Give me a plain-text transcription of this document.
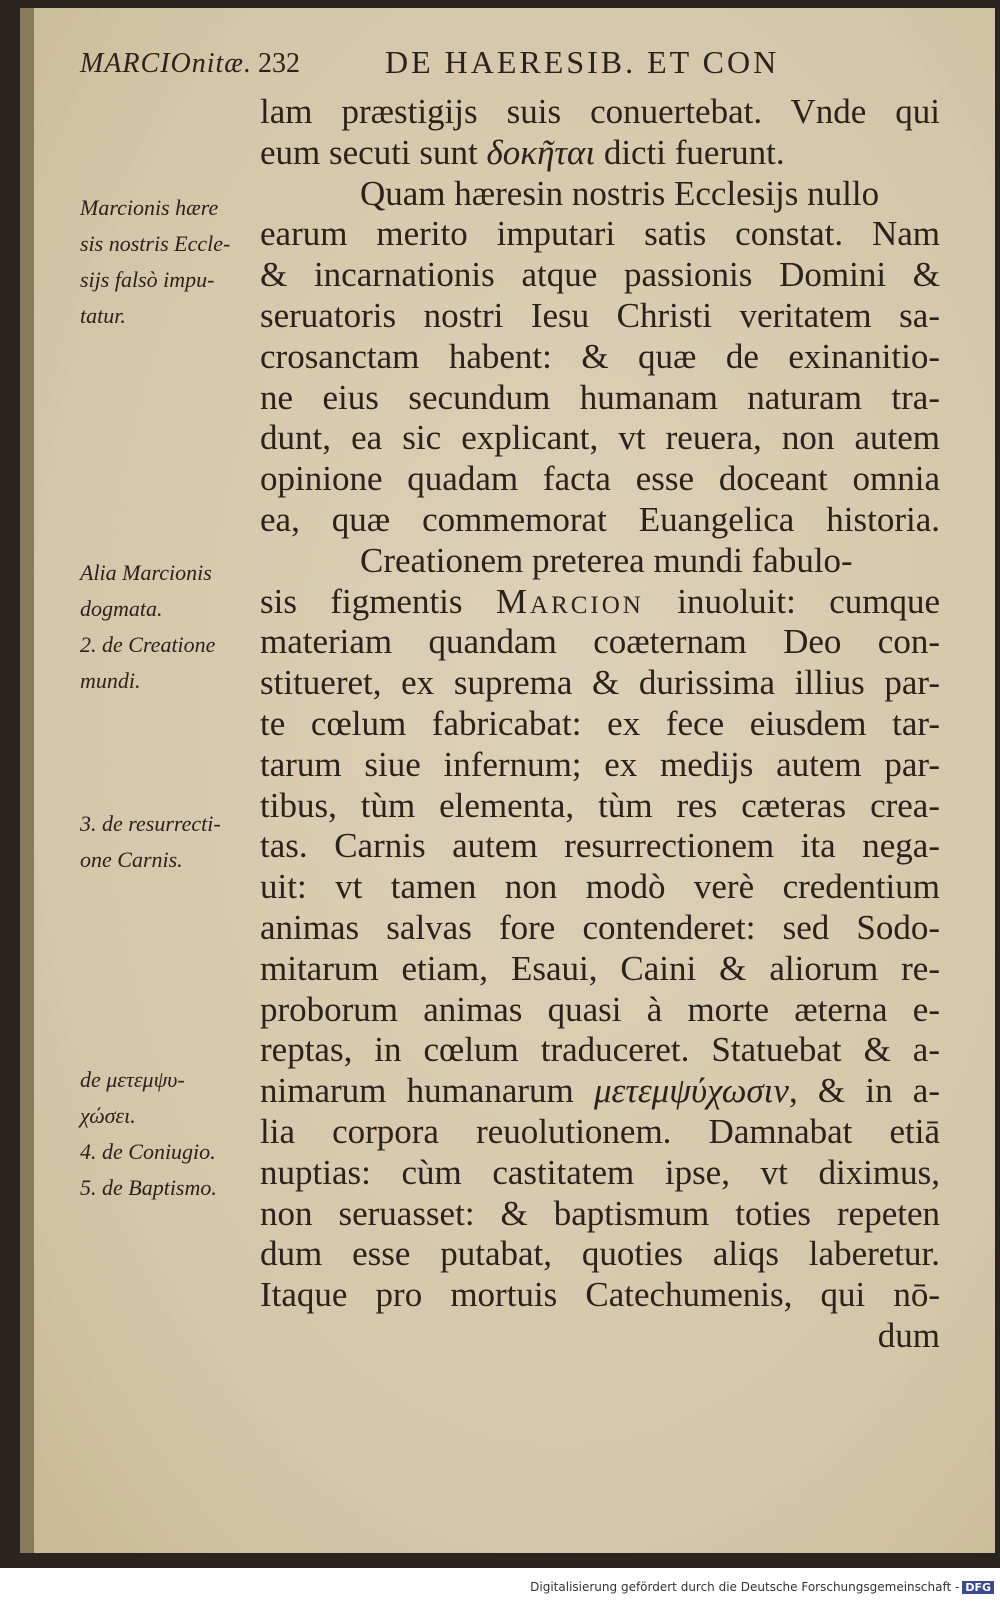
MARCIOnitæ. 232	DE HAERESIB. ET CON
lam præstigijs suis conuertebat. Vnde qui
eum secuti sunt δοκῆται dicti fuerunt.
Quam hæresin nostris Ecclesijs nullo
earum merito imputari satis constat. Nam
& incarnationis atque passionis Domini &
seruatoris nostri Iesu Christi veritatem sa-
crosanctam habent: & quæ de exinanitio-
ne eius secundum humanam naturam tra-
dunt, ea sic explicant, vt reuera, non autem
opinione quadam facta esse doceant omnia
ea, quæ commemorat Euangelica historia.
Creationem preterea mundi fabulo-
sis figmentis Marcion inuoluit: cumque
materiam quandam coæternam Deo con-
stitueret, ex suprema & durissima illius par-
te cœlum fabricabat: ex fece eiusdem tar-
tarum siue infernum; ex medijs autem par-
tibus, tùm elementa, tùm res cæteras crea-
tas. Carnis autem resurrectionem ita nega-
uit: vt tamen non modò verè credentium
animas salvas fore contenderet: sed Sodo-
mitarum etiam, Esaui, Caini & aliorum re-
proborum animas quasi à morte æterna e-
reptas, in cœlum traduceret. Statuebat & a-
nimarum humanarum μετεμψύχωσιν, & in a-
lia corpora reuolutionem. Damnabat etiā
nuptias: cùm castitatem ipse, vt diximus,
non seruasset: & baptismum toties repeten
dum esse putabat, quoties aliqs laberetur.
Itaque pro mortuis Catechumenis, qui nō-
dum
Marcionis hære
sis nostris Eccle-
sijs falsò impu-
tatur.
Alia Marcionis
dogmata.
2. de Creatione
mundi.
3. de resurrecti-
one Carnis.
de μετεμψυ-
χώσει.
4. de Coniugio.
5. de Baptismo.
Digitalisierung gefördert durch die Deutsche Forschungsgemeinschaft - DFG
